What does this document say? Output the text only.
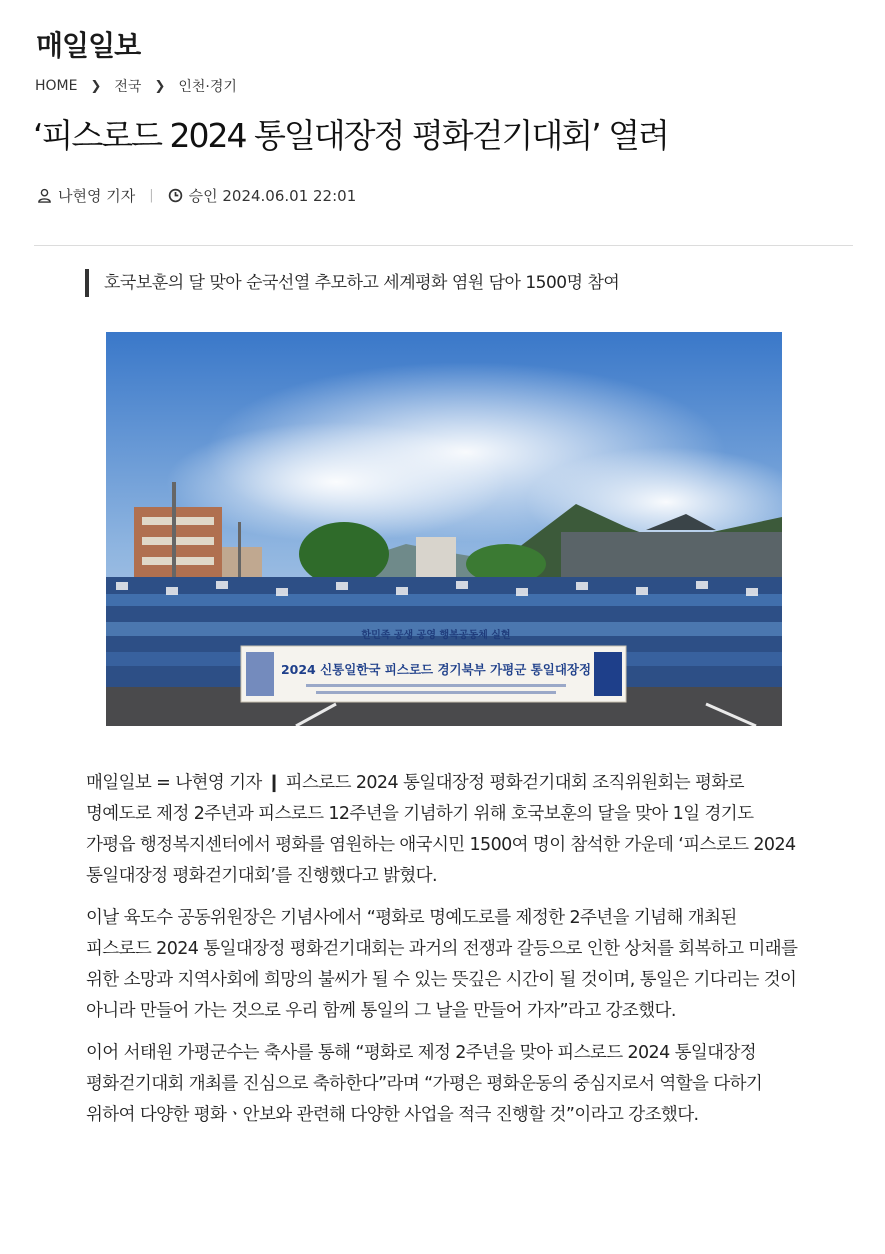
매일일보
HOME ❯ 전국 ❯ 인천·경기
‘피스로드 2024 통일대장정 평화걷기대회’ 열려
나현영 기자 | 승인 2024.06.01 22:01
호국보훈의 달 맞아 순국선열 추모하고 세계평화 염원 담아 1500명 참여
한민족 공생 공영 행복공동체 실현
2024 신통일한국 피스로드 경기북부 가평군 통일대장정

매일일보 = 나현영 기자 ❙ 피스로드 2024 통일대장정 평화걷기대회 조직위원회는 평화로 명예도로 제정 2주년과 피스로드 12주년을 기념하기 위해 호국보훈의 달을 맞아 1일 경기도 가평읍 행정복지센터에서 평화를 염원하는 애국시민 1500여 명이 참석한 가운데 ‘피스로드 2024 통일대장정 평화걷기대회’를 진행했다고 밝혔다.

이날 육도수 공동위원장은 기념사에서 “평화로 명예도로를 제정한 2주년을 기념해 개최된 피스로드 2024 통일대장정 평화걷기대회는 과거의 전쟁과 갈등으로 인한 상처를 회복하고 미래를 위한 소망과 지역사회에 희망의 불씨가 될 수 있는 뜻깊은 시간이 될 것이며, 통일은 기다리는 것이 아니라 만들어 가는 것으로 우리 함께 통일의 그 날을 만들어 가자”라고 강조했다.

이어 서태원 가평군수는 축사를 통해 “평화로 제정 2주년을 맞아 피스로드 2024 통일대장정 평화걷기대회 개최를 진심으로 축하한다”라며 “가평은 평화운동의 중심지로서 역할을 다하기 위하여 다양한 평화ㆍ안보와 관련해 다양한 사업을 적극 진행할 것”이라고 강조했다.
